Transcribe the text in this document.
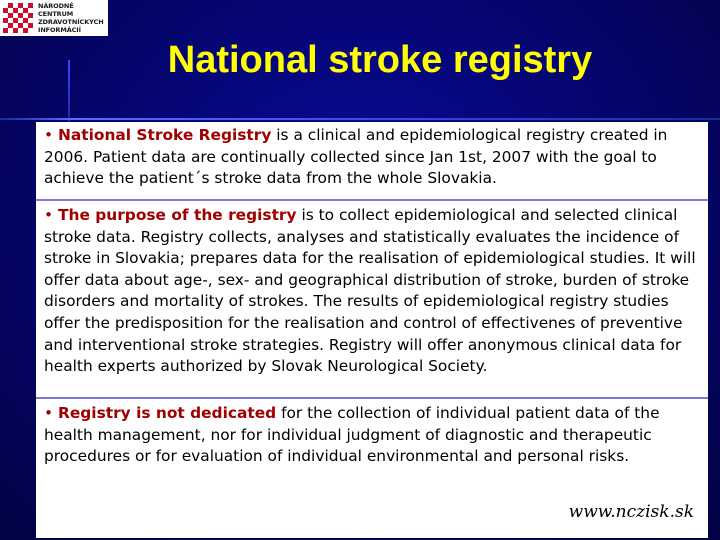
NÁRODNÉ
CENTRUM
ZDRAVOTNÍCKYCH
INFORMÁCIÍ
National stroke registry
• National Stroke Registry is a clinical and epidemiological registry created in 2006. Patient data are continually collected since Jan 1st, 2007 with the goal to achieve the patient´s stroke data from the whole Slovakia.
• The purpose of the registry is to collect epidemiological and selected clinical stroke data. Registry collects, analyses and statistically evaluates the incidence of stroke in Slovakia; prepares data for the realisation of epidemiological studies. It will offer data about age-, sex- and geographical distribution of stroke, burden of stroke disorders and mortality of strokes. The results of epidemiological registry studies offer the predisposition for the realisation and control of effectivenes of preventive and interventional stroke strategies. Registry will offer anonymous clinical data for health experts authorized by Slovak Neurological Society.
• Registry is not dedicated for the collection of individual patient data of the health management, nor for individual judgment of diagnostic and therapeutic procedures or for evaluation of individual environmental and personal risks.
www.nczisk.sk
